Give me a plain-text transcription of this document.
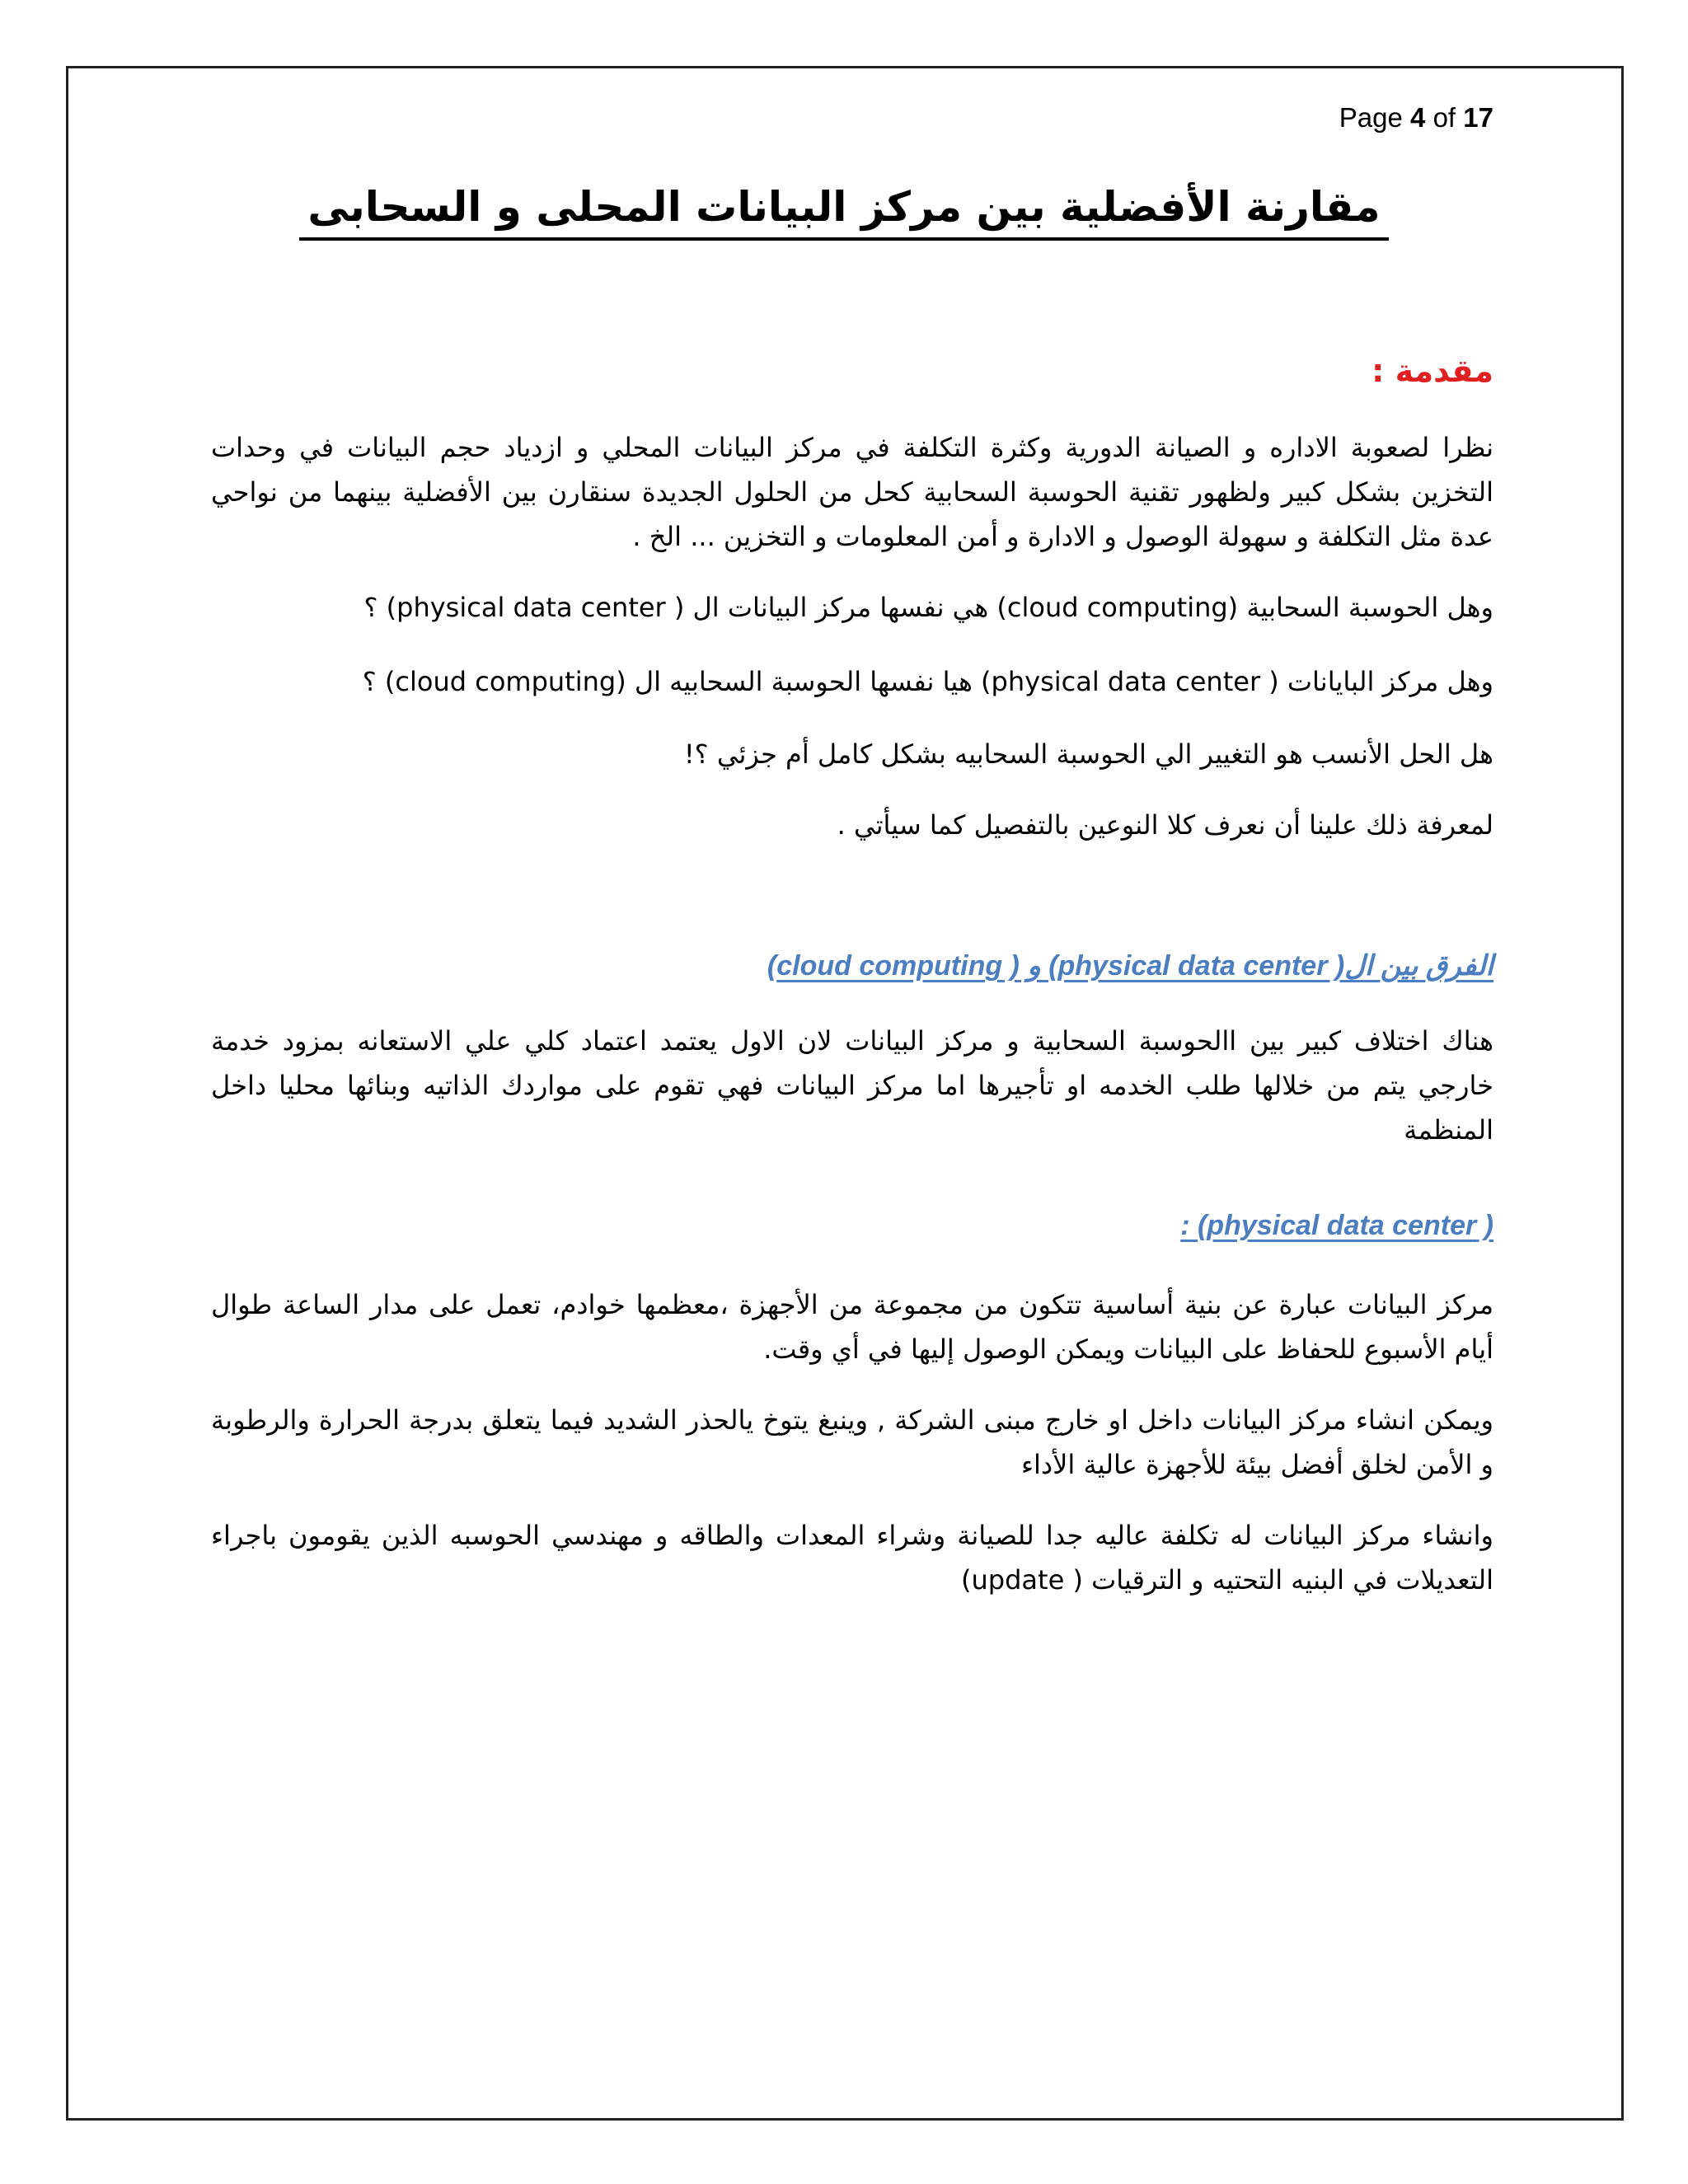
Page 4 of 17
مقارنة الأفضلية بين مركز البيانات المحلى و السحابى
مقدمة :
نظرا لصعوبة الاداره و الصيانة الدورية وكثرة التكلفة في مركز البيانات المحلي و ازدياد حجم البيانات في وحدات التخزين بشكل كبير ولظهور تقنية الحوسبة السحابية كحل من الحلول الجديدة سنقارن بين الأفضلية بينهما من نواحي عدة مثل التكلفة و سهولة الوصول و الادارة و أمن المعلومات و التخزين ... الخ .
وهل الحوسبة السحابية (cloud computing) هي نفسها مركز البيانات ال ( physical data center) ؟
وهل مركز البايانات ( physical data center) هيا نفسها الحوسبة السحابيه ال (cloud computing) ؟
هل الحل الأنسب هو التغيير الي الحوسبة السحابيه بشكل كامل أم جزئي ؟!
لمعرفة ذلك علينا أن نعرف كلا النوعين بالتفصيل كما سيأتي .
الفرق بين ال( physical data center) و ( cloud computing)
هناك اختلاف كبير بين االحوسبة السحابية و مركز البيانات لان الاول يعتمد اعتماد كلي علي الاستعانه بمزود خدمة خارجي يتم من خلالها طلب الخدمه او تأجيرها اما مركز البيانات فهي تقوم على مواردك الذاتيه وبنائها محليا داخل المنظمة
( physical data center) :
مركز البيانات عبارة عن بنية أساسية تتكون من مجموعة من الأجهزة ،معظمها خوادم، تعمل على مدار الساعة طوال أيام الأسبوع للحفاظ على البيانات ويمكن الوصول إليها في أي وقت.
ويمكن انشاء مركز البيانات داخل او خارج مبنى الشركة , وينبغ يتوخ يالحذر الشديد فيما يتعلق بدرجة الحرارة والرطوبة و الأمن لخلق أفضل بيئة للأجهزة عالية الأداء
وانشاء مركز البيانات له تكلفة عاليه جدا للصيانة وشراء المعدات والطاقه و مهندسي الحوسبه الذين يقومون باجراء التعديلات في البنيه التحتيه و الترقيات ( update)
